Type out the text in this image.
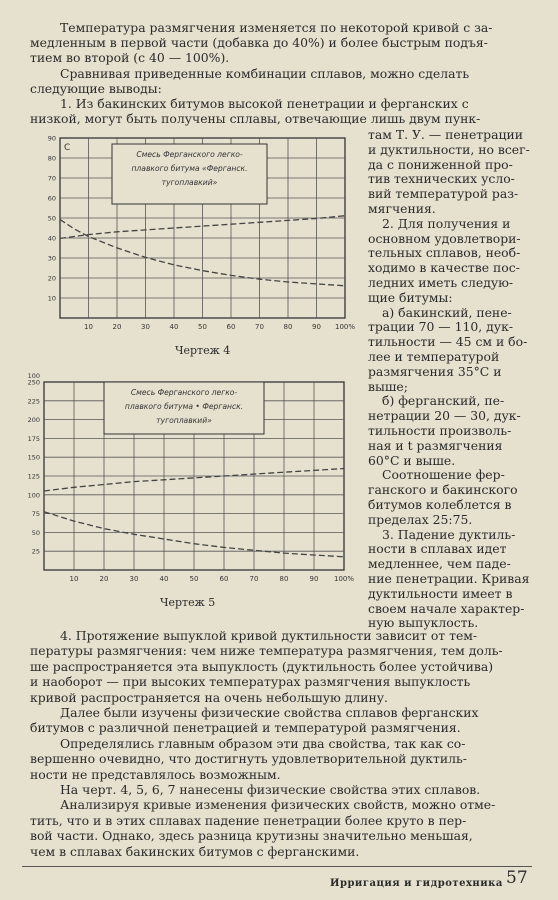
Температура размягчения изменяется по некоторой кривой с за-
медленным в первой части (добавка до 40%) и более быстрым подъя-
тием во второй (с 40 — 100%).
Сравнивая приведенные комбинации сплавов, можно сделать
следующие выводы:
1. Из бакинских битумов высокой пенетрации и ферганских с
низкой, могут быть получены сплавы, отвечающие лишь двум пунк-
там Т. У. — пенетрации
и дуктильности, но всег-
да с пониженной про-
тив технических усло-
вий температурой раз-
мягчения.
2. Для получения и
основном удовлетвори-
тельных сплавов, необ-
ходимо в качестве пос-
ледних иметь следую-
щие битумы:
а) бакинский, пене-
трации 70 — 110, дук-
тильности — 45 см и бо-
лее и температурой
размягчения 35°С и
выше;
б) ферганский, пе-
нетрации 20 — 30, дук-
тильности произволь-
ная и t размягчения
60°С и выше.
Соотношение фер-
ганского и бакинского
битумов колеблется в
пределах 25:75.
3. Падение дуктиль-
ности в сплавах идет
медленнее, чем паде-
ние пенетрации. Кривая
дуктильности имеет в
своем начале характер-
ную выпуклость.
10	20	30	40	50	60	70	80	90 100%
10
20
30
40
50
60
70
80
90
С
Смесь Ферганского легко-
плавкого битума «Ферганск.
тугоплавкий»
Чертеж 4
10	20	30	40	50	60	70	80	90 100%
25
50
75
100
125
150
175
200
225
250
100
Смесь Ферганского легко-
плавкого битума • Ферганск.
тугоплавкий»
Чертеж 5
4. Протяжение выпуклой кривой дуктильности зависит от тем-
пературы размягчения: чем ниже температура размягчения, тем доль-
ше распространяется эта выпуклость (дуктильность более устойчива)
и наоборот — при высоких температурах размягчения выпуклость
кривой распространяется на очень небольшую длину.
Далее были изучены физические свойства сплавов ферганских
битумов с различной пенетрацией и температурой размягчения.
Определялись главным образом эти два свойства, так как со-
вершенно очевидно, что достигнуть удовлетворительной дуктиль-
ности не представлялось возможным.
На черт. 4, 5, 6, 7 нанесены физические свойства этих сплавов.
Анализируя кривые изменения физических свойств, можно отме-
тить, что и в этих сплавах падение пенетрации более круто в пер-
вой части. Однако, здесь разница крутизны значительно меньшая,
чем в сплавах бакинских битумов с ферганскими.
Ирригация и гидротехника 57
